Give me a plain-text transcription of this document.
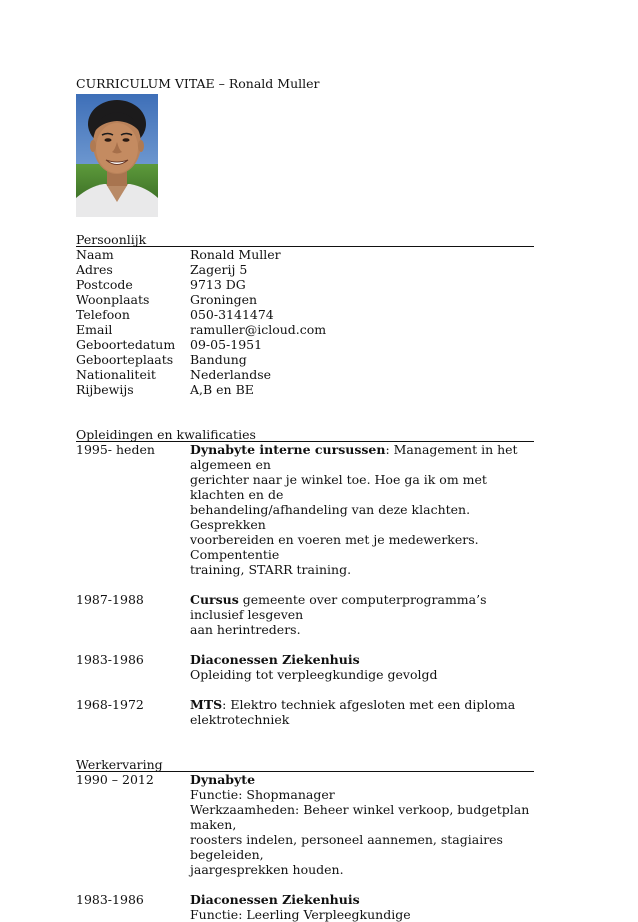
CURRICULUM VITAE – Ronald Muller
Persoonlijk
Naam	Ronald Muller
Adres	Zagerij 5
Postcode	9713 DG
Woonplaats	Groningen
Telefoon	050-3141474
Email	ramuller@icloud.com
Geboortedatum	09-05-1951
Geboorteplaats	Bandung
Nationaliteit	Nederlandse
Rijbewijs	A,B en BE
Opleidingen en kwalificaties
1995- heden	Dynabyte interne cursussen: Management in het algemeen en

gerichter naar je winkel toe. Hoe ga ik om met klachten en de

behandeling/afhandeling van deze klachten. Gesprekken

voorbereiden en voeren met je medewerkers. Compententie

training, STARR training.

1987-1988	Cursus gemeente over computerprogramma’s inclusief lesgeven

aan herintreders.

1983-1986	Diaconessen Ziekenhuis

Opleiding tot verpleegkundige gevolgd

1968-1972	MTS: Elektro techniek afgesloten met een diploma elektrotechniek

Werkervaring
1990 – 2012	Dynabyte

Functie: Shopmanager

Werkzaamheden: Beheer winkel verkoop, budgetplan maken,

roosters indelen, personeel aannemen, stagiaires begeleiden,

jaargesprekken houden.

1983-1986	Diaconessen Ziekenhuis

Functie: Leerling Verpleegkundige
